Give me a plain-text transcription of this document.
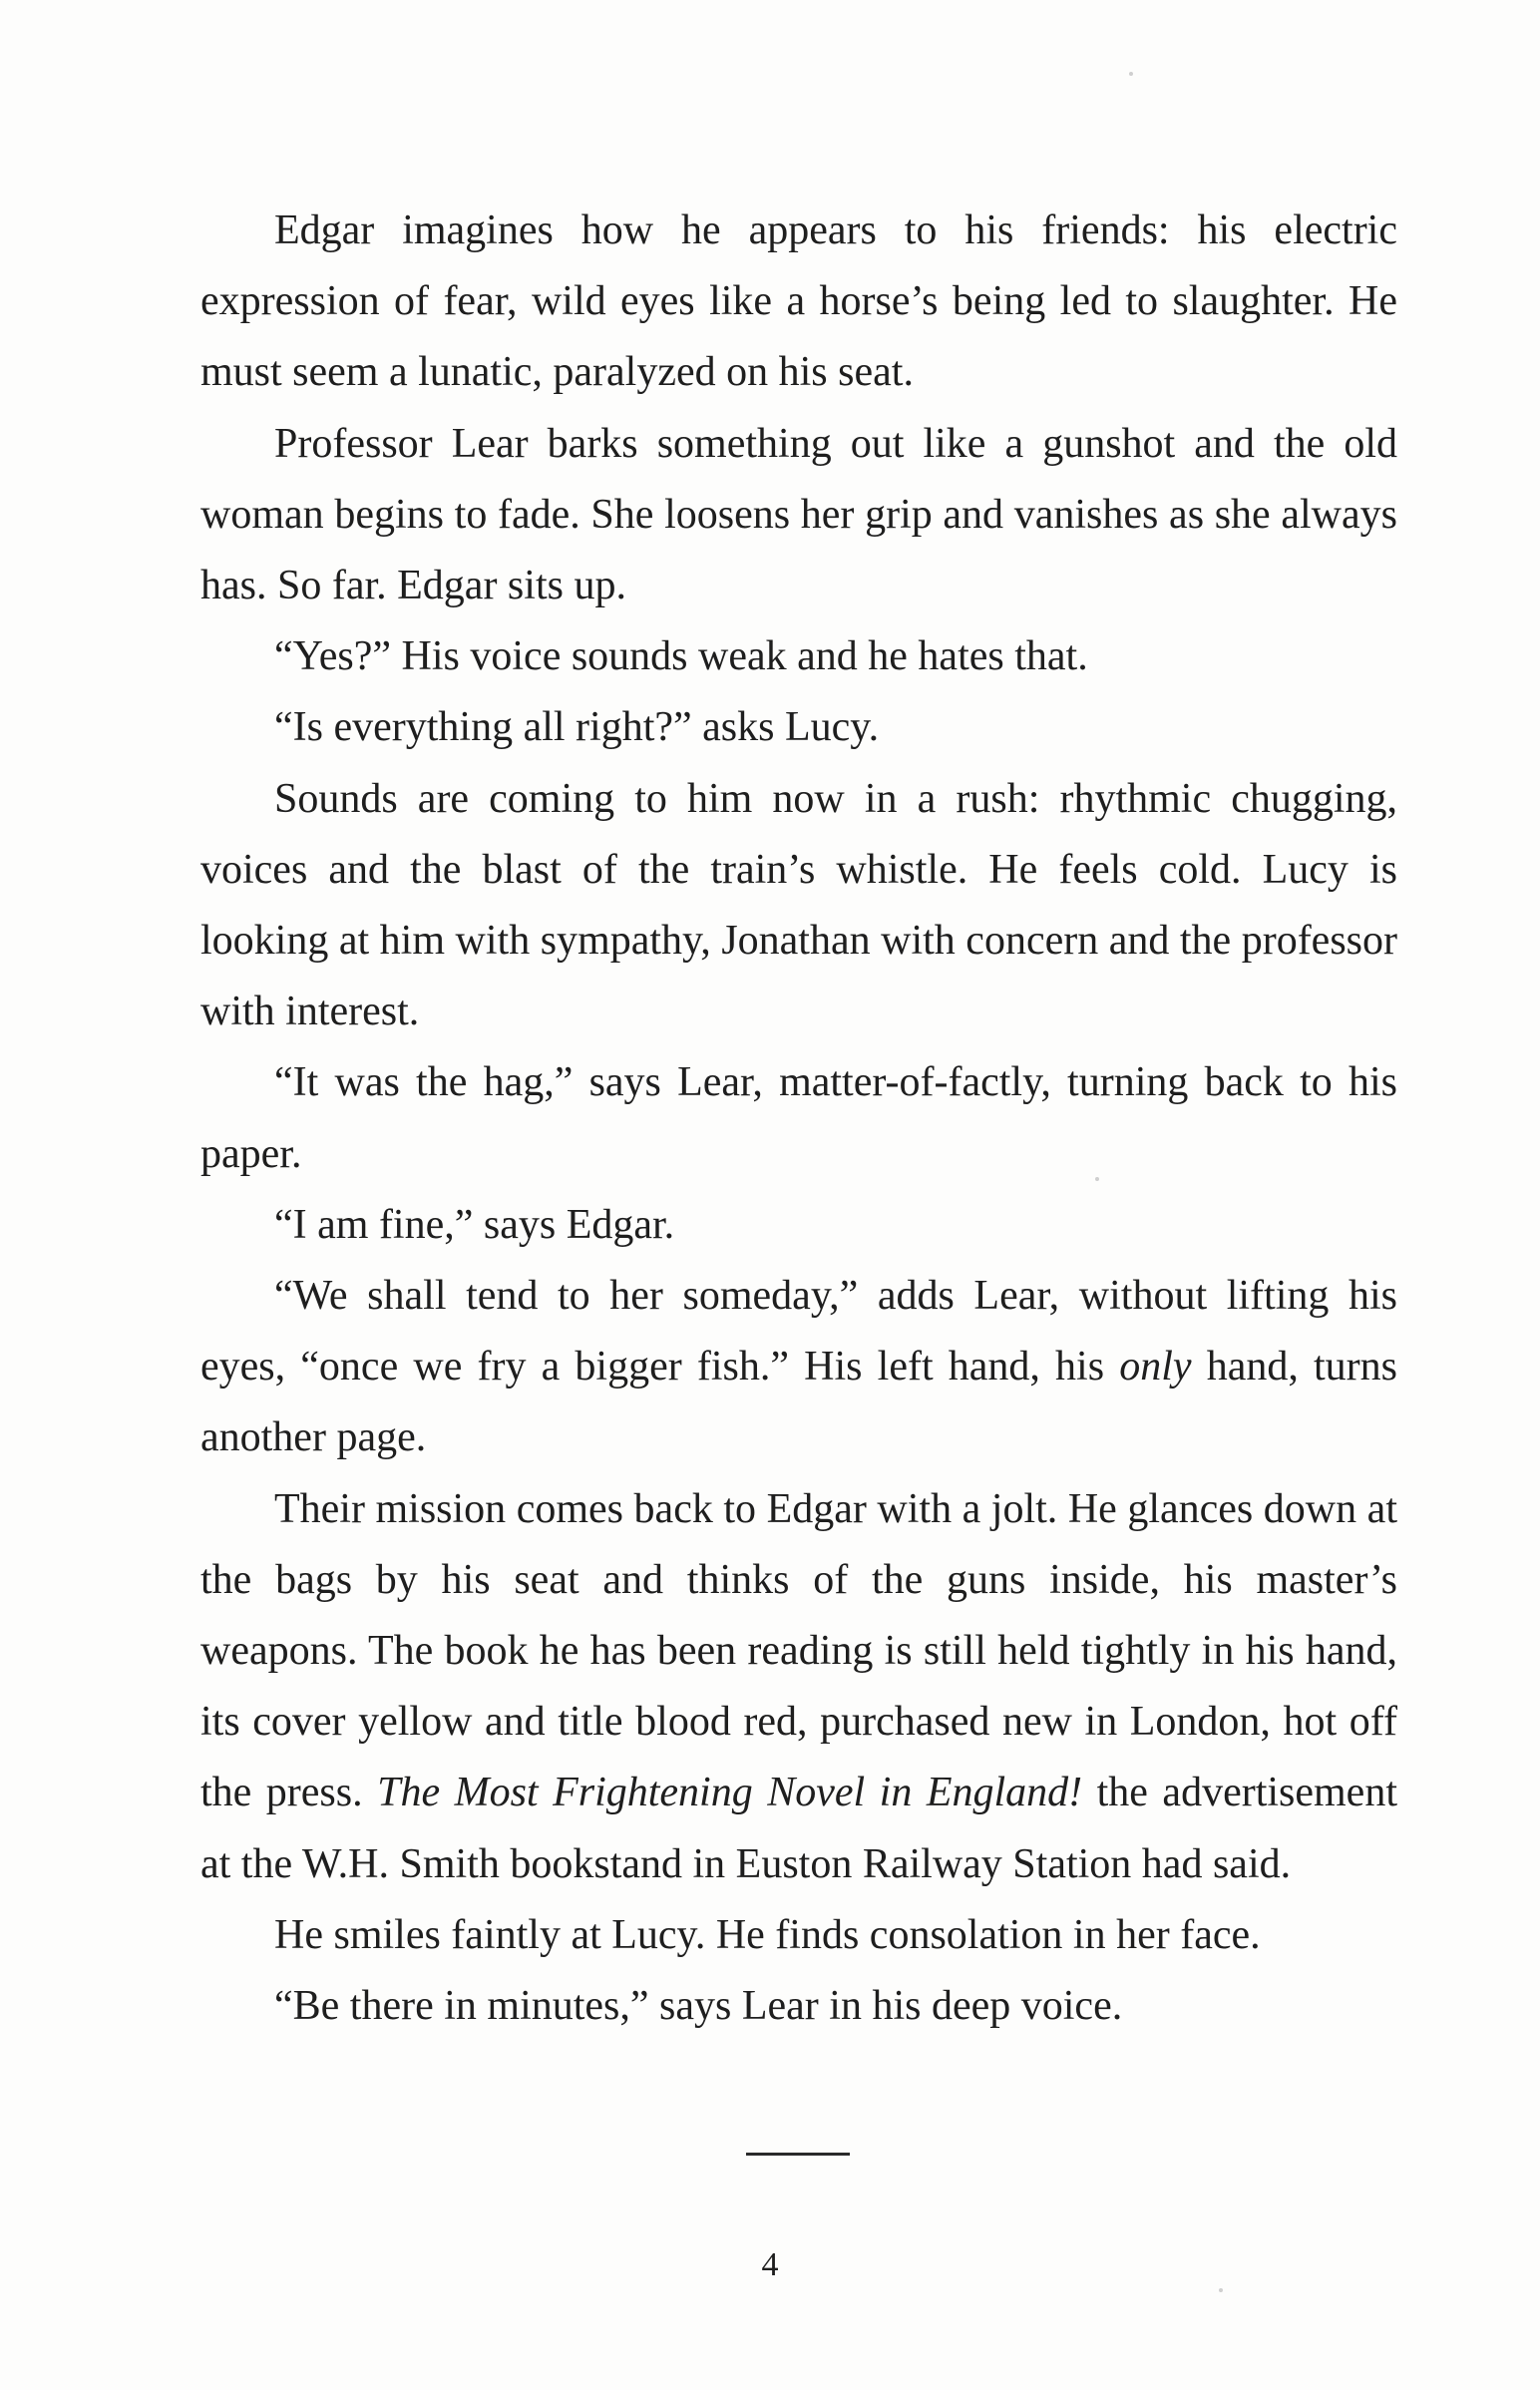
Edgar imagines how he appears to his friends: his electric expression of fear, wild eyes like a horse’s being led to slaughter. He must seem a lunatic, paralyzed on his seat.

Professor Lear barks something out like a gunshot and the old woman begins to fade. She loosens her grip and vanishes as she always has. So far. Edgar sits up.

“Yes?” His voice sounds weak and he hates that.

“Is everything all right?” asks Lucy.

Sounds are coming to him now in a rush: rhythmic chugging, voices and the blast of the train’s whistle. He feels cold. Lucy is looking at him with sympathy, Jonathan with concern and the professor with interest.

“It was the hag,” says Lear, matter-of-factly, turning back to his paper.

“I am fine,” says Edgar.

“We shall tend to her someday,” adds Lear, without lifting his eyes, “once we fry a bigger fish.” His left hand, his only hand, turns another page.

Their mission comes back to Edgar with a jolt. He glances down at the bags by his seat and thinks of the guns inside, his master’s weapons. The book he has been reading is still held tightly in his hand, its cover yellow and title blood red, purchased new in London, hot off the press. The Most Frightening Novel in England! the advertisement at the W.H. Smith bookstand in Euston Railway Station had said.

He smiles faintly at Lucy. He finds consolation in her face.

“Be there in minutes,” says Lear in his deep voice.

4
